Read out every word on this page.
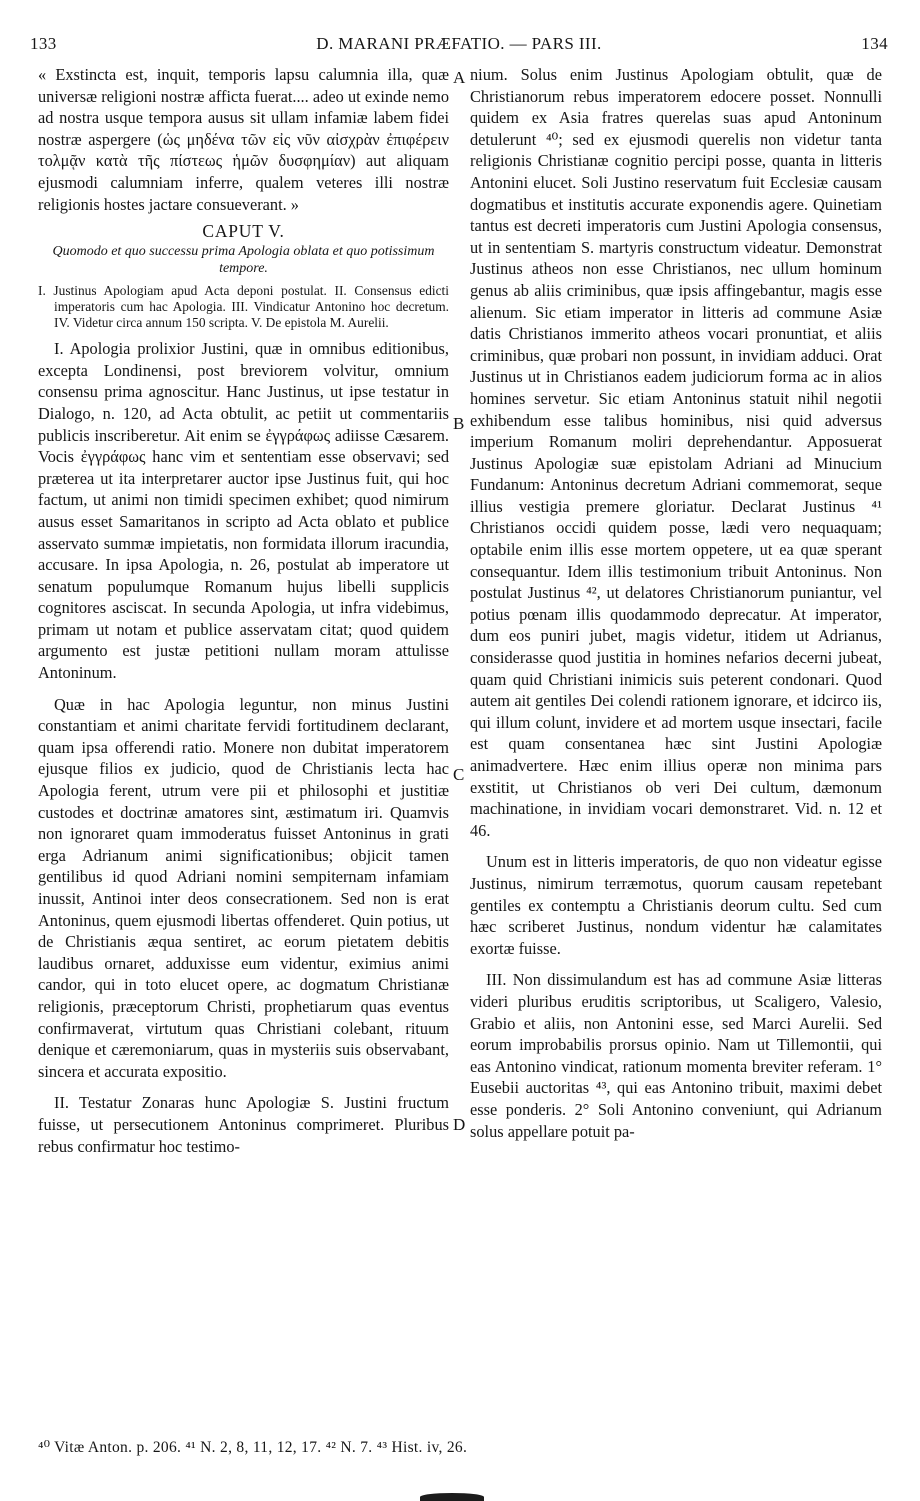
133	D. MARANI PRÆFATIO. — PARS III.	134

« Exstincta est, inquit, temporis lapsu calumnia illa, quæ universæ religioni nostræ afficta fuerat.... adeo ut exinde nemo ad nostra usque tempora ausus sit ullam infamiæ labem fidei nostræ aspergere (ὡς μηδένα τῶν εἰς νῦν αἰσχρὰν ἐπιφέρειν τολμᾷν κατὰ τῆς πίστεως ἡμῶν δυσφημίαν) aut aliquam ejusmodi calumniam inferre, qualem veteres illi nostræ religionis hostes jactare consueverant. »

CAPUT V.
Quomodo et quo successu prima Apologia oblata et quo potissimum tempore.
I. Justinus Apologiam apud Acta deponi postulat. II. Consensus edicti imperatoris cum hac Apologia. III. Vindicatur Antonino hoc decretum. IV. Videtur circa annum 150 scripta. V. De epistola M. Aurelii.

I. Apologia prolixior Justini, quæ in omnibus editionibus, excepta Londinensi, post breviorem volvitur, omnium consensu prima agnoscitur. Hanc Justinus, ut ipse testatur in Dialogo, n. 120, ad Acta obtulit, ac petiit ut commentariis publicis inscriberetur. Ait enim se ἐγγράφως adiisse Cæsarem. Vocis ἐγγράφως hanc vim et sententiam esse observavi; sed præterea ut ita interpretarer auctor ipse Justinus fuit, qui hoc factum, ut animi non timidi specimen exhibet; quod nimirum ausus esset Samaritanos in scripto ad Acta oblato et publice asservato summæ impietatis, non formidata illorum iracundia, accusare. In ipsa Apologia, n. 26, postulat ab imperatore ut senatum populumque Romanum hujus libelli supplicis cognitores asciscat. In secunda Apologia, ut infra videbimus, primam ut notam et publice asservatam citat; quod quidem argumento est justæ petitioni nullam moram attulisse Antoninum.

Quæ in hac Apologia leguntur, non minus Justini constantiam et animi charitate fervidi fortitudinem declarant, quam ipsa offerendi ratio. Monere non dubitat imperatorem ejusque filios ex judicio, quod de Christianis lecta hac Apologia ferent, utrum vere pii et philosophi et justitiæ custodes et doctrinæ amatores sint, æstimatum iri. Quamvis non ignoraret quam immoderatus fuisset Antoninus in grati erga Adrianum animi significationibus; objicit tamen gentilibus id quod Adriani nomini sempiternam infamiam inussit, Antinoi inter deos consecrationem. Sed non is erat Antoninus, quem ejusmodi libertas offenderet. Quin potius, ut de Christianis æqua sentiret, ac eorum pietatem debitis laudibus ornaret, adduxisse eum videntur, eximius animi candor, qui in toto elucet opere, ac dogmatum Christianæ religionis, præceptorum Christi, prophetiarum quas eventus confirmaverat, virtutum quas Christiani colebant, rituum denique et cæremoniarum, quas in mysteriis suis observabant, sincera et accurata expositio.

II. Testatur Zonaras hunc Apologiæ S. Justini fructum fuisse, ut persecutionem Antoninus comprimeret. Pluribus rebus confirmatur hoc testimo-

nium. Solus enim Justinus Apologiam obtulit, quæ de Christianorum rebus imperatorem edocere posset. Nonnulli quidem ex Asia fratres querelas suas apud Antoninum detulerunt ⁴⁰; sed ex ejusmodi querelis non videtur tanta religionis Christianæ cognitio percipi posse, quanta in litteris Antonini elucet. Soli Justino reservatum fuit Ecclesiæ causam dogmatibus et institutis accurate exponendis agere. Quinetiam tantus est decreti imperatoris cum Justini Apologia consensus, ut in sententiam S. martyris constructum videatur. Demonstrat Justinus atheos non esse Christianos, nec ullum hominum genus ab aliis criminibus, quæ ipsis affingebantur, magis esse alienum. Sic etiam imperator in litteris ad commune Asiæ datis Christianos immerito atheos vocari pronuntiat, et aliis criminibus, quæ probari non possunt, in invidiam adduci. Orat Justinus ut in Christianos eadem judiciorum forma ac in alios homines servetur. Sic etiam Antoninus statuit nihil negotii exhibendum esse talibus hominibus, nisi quid adversus imperium Romanum moliri deprehendantur. Apposuerat Justinus Apologiæ suæ epistolam Adriani ad Minucium Fundanum: Antoninus decretum Adriani commemorat, seque illius vestigia premere gloriatur. Declarat Justinus ⁴¹ Christianos occidi quidem posse, lædi vero nequaquam; optabile enim illis esse mortem oppetere, ut ea quæ sperant consequantur. Idem illis testimonium tribuit Antoninus. Non postulat Justinus ⁴², ut delatores Christianorum puniantur, vel potius pœnam illis quodammodo deprecatur. At imperator, dum eos puniri jubet, magis videtur, itidem ut Adrianus, considerasse quod justitia in homines nefarios decerni jubeat, quam quid Christiani inimicis suis peterent condonari. Quod autem ait gentiles Dei colendi rationem ignorare, et idcirco iis, qui illum colunt, invidere et ad mortem usque insectari, facile est quam consentanea hæc sint Justini Apologiæ animadvertere. Hæc enim illius operæ non minima pars exstitit, ut Christianos ob veri Dei cultum, dæmonum machinatione, in invidiam vocari demonstraret. Vid. n. 12 et 46.

Unum est in litteris imperatoris, de quo non videatur egisse Justinus, nimirum terræmotus, quorum causam repetebant gentiles ex contemptu a Christianis deorum cultu. Sed cum hæc scriberet Justinus, nondum videntur hæ calamitates exortæ fuisse.

III. Non dissimulandum est has ad commune Asiæ litteras videri pluribus eruditis scriptoribus, ut Scaligero, Valesio, Grabio et aliis, non Antonini esse, sed Marci Aurelii. Sed eorum improbabilis prorsus opinio. Nam ut Tillemontii, qui eas Antonino vindicat, rationum momenta breviter referam. 1° Eusebii auctoritas ⁴³, qui eas Antonino tribuit, maximi debet esse ponderis. 2° Soli Antonino conveniunt, qui Adrianum solus appellare potuit pa-

A
B
C
D
⁴⁰ Vitæ Anton. p. 206. ⁴¹ N. 2, 8, 11, 12, 17. ⁴² N. 7. ⁴³ Hist. iv, 26.
